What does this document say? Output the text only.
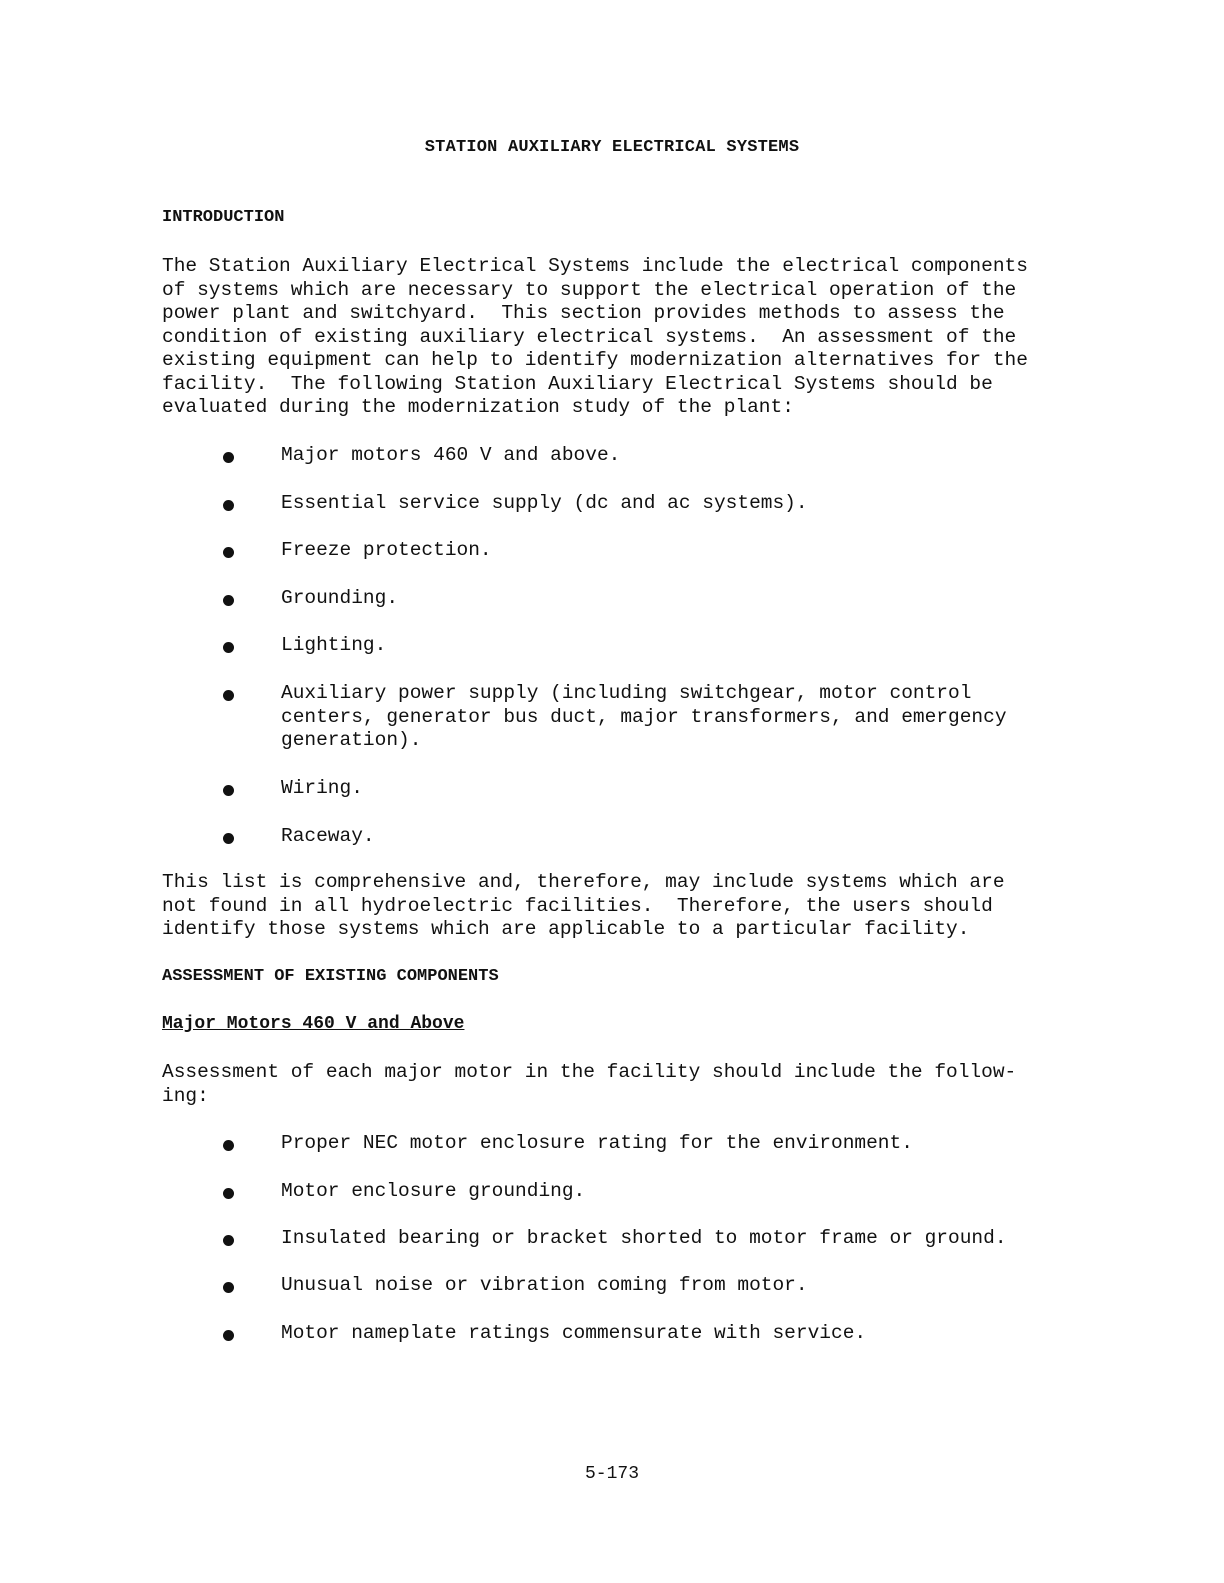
STATION AUXILIARY ELECTRICAL SYSTEMS
INTRODUCTION

The Station Auxiliary Electrical Systems include the electrical components
of systems which are necessary to support the electrical operation of the
power plant and switchyard.  This section provides methods to assess the
condition of existing auxiliary electrical systems.  An assessment of the
existing equipment can help to identify modernization alternatives for the
facility.  The following Station Auxiliary Electrical Systems should be
evaluated during the modernization study of the plant:

Major motors 460 V and above.
Essential service supply (dc and ac systems).
Freeze protection.
Grounding.
Lighting.
Auxiliary power supply (including switchgear, motor control
centers, generator bus duct, major transformers, and emergency
generation).
Wiring.
Raceway.

This list is comprehensive and, therefore, may include systems which are
not found in all hydroelectric facilities.  Therefore, the users should
identify those systems which are applicable to a particular facility.

ASSESSMENT OF EXISTING COMPONENTS
Major Motors 460 V and Above

Assessment of each major motor in the facility should include the follow-
ing:

Proper NEC motor enclosure rating for the environment.
Motor enclosure grounding.
Insulated bearing or bracket shorted to motor frame or ground.
Unusual noise or vibration coming from motor.
Motor nameplate ratings commensurate with service.
5-173
